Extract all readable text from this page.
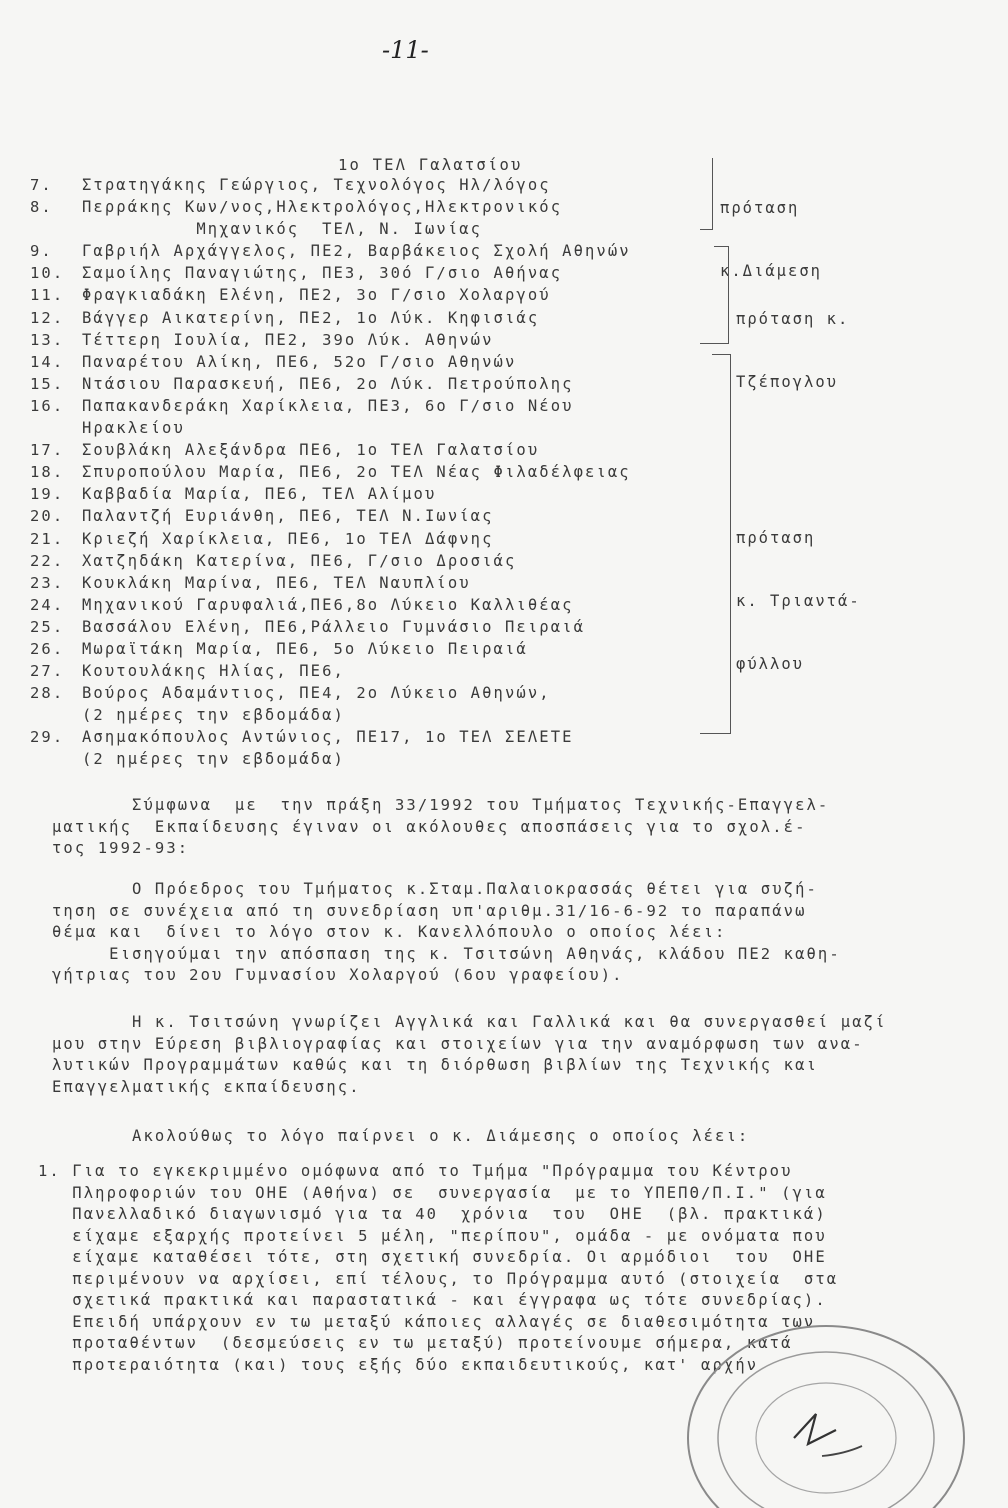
-11-
1ο ΤΕΛ Γαλατσίου
7. Στρατηγάκης Γεώργιος, Τεχνολόγος Ηλ/λόγος
8. Περράκης Κων/νος,Ηλεκτρολόγος,Ηλεκτρονικός
Μηχανικός  ΤΕΛ, Ν. Ιωνίας
9. Γαβριήλ Αρχάγγελος, ΠΕ2, Βαρβάκειος Σχολή Αθηνών
10. Σαμοίλης Παναγιώτης, ΠΕ3, 30ό Γ/σιο Αθήνας
11. Φραγκιαδάκη Ελένη, ΠΕ2, 3ο Γ/σιο Χολαργού
12. Βάγγερ Αικατερίνη, ΠΕ2, 1ο Λύκ. Κηφισιάς
13. Τέττερη Ιουλία, ΠΕ2, 39ο Λύκ. Αθηνών
14. Παναρέτου Αλίκη, ΠΕ6, 52ο Γ/σιο Αθηνών
15. Ντάσιου Παρασκευή, ΠΕ6, 2ο Λύκ. Πετρούπολης
16. Παπακανδεράκη Χαρίκλεια, ΠΕ3, 6ο Γ/σιο Νέου
Ηρακλείου
17. Σουβλάκη Αλεξάνδρα ΠΕ6, 1ο ΤΕΛ Γαλατσίου
18. Σπυροπούλου Μαρία, ΠΕ6, 2ο ΤΕΛ Νέας Φιλαδέλφειας
19. Καββαδία Μαρία, ΠΕ6, ΤΕΛ Αλίμου
20. Παλαντζή Ευριάνθη, ΠΕ6, ΤΕΛ Ν.Ιωνίας
21. Κριεζή Χαρίκλεια, ΠΕ6, 1ο ΤΕΛ Δάφνης
22. Χατζηδάκη Κατερίνα, ΠΕ6, Γ/σιο Δροσιάς
23. Κουκλάκη Μαρίνα, ΠΕ6, ΤΕΛ Ναυπλίου
24. Μηχανικού Γαρυφαλιά,ΠΕ6,8ο Λύκειο Καλλιθέας
25. Βασσάλου Ελένη, ΠΕ6,Ράλλειο Γυμνάσιο Πειραιά
26. Μωραϊτάκη Μαρία, ΠΕ6, 5ο Λύκειο Πειραιά
27. Κουτουλάκης Ηλίας, ΠΕ6,
28. Βούρος Αδαμάντιος, ΠΕ4, 2ο Λύκειο Αθηνών,
(2 ημέρες την εβδομάδα)
29. Ασημακόπουλος Αντώνιος, ΠΕ17, 1ο ΤΕΛ ΣΕΛΕΤΕ
(2 ημέρες την εβδομάδα)

πρόταση

κ.Διάμεση

πρόταση κ.

Τζέπογλου

πρόταση

κ. Τριαντά-

φύλλου

Σύμφωνα  με  την πράξη 33/1992 του Τμήματος Τεχνικής-Επαγγελ-
ματικής  Εκπαίδευσης έγιναν οι ακόλουθες αποσπάσεις για το σχολ.έ-
τος 1992-93:
Ο Πρόεδρος του Τμήματος κ.Σταμ.Παλαιοκρασσάς θέτει για συζή-
τηση σε συνέχεια από τη συνεδρίαση υπ'αριθμ.31/16-6-92 το παραπάνω
θέμα και  δίνει το λόγο στον κ. Κανελλόπουλο ο οποίος λέει:
Εισηγούμαι την απόσπαση της κ. Τσιτσώνη Αθηνάς, κλάδου ΠΕ2 καθη-
γήτριας του 2ου Γυμνασίου Χολαργού (6ου γραφείου).
Η κ. Τσιτσώνη γνωρίζει Αγγλικά και Γαλλικά και θα συνεργασθεί μαζί
μου στην Εύρεση βιβλιογραφίας και στοιχείων για την αναμόρφωση των ανα-
λυτικών Προγραμμάτων καθώς και τη διόρθωση βιβλίων της Τεχνικής και
Επαγγελματικής εκπαίδευσης.
Ακολούθως το λόγο παίρνει ο κ. Διάμεσης ο οποίος λέει:
1. Για το εγκεκριμμένο ομόφωνα από το Τμήμα "Πρόγραμμα του Κέντρου
Πληροφοριών του ΟΗΕ (Αθήνα) σε  συνεργασία  με το ΥΠΕΠΘ/Π.Ι." (για
Πανελλαδικό διαγωνισμό για τα 40  χρόνια  του  ΟΗΕ  (βλ. πρακτικά)
είχαμε εξαρχής προτείνει 5 μέλη, "περίπου", ομάδα - με ονόματα που
είχαμε καταθέσει τότε, στη σχετική συνεδρία. Οι αρμόδιοι  του  ΟΗΕ
περιμένουν να αρχίσει, επί τέλους, το Πρόγραμμα αυτό (στοιχεία  στα
σχετικά πρακτικά και παραστατικά - και έγγραφα ως τότε συνεδρίας).
Επειδή υπάρχουν εν τω μεταξύ κάποιες αλλαγές σε διαθεσιμότητα των
προταθέντων  (δεσμεύσεις εν τω μεταξύ) προτείνουμε σήμερα, κατά
προτεραιότητα (και) τους εξής δύο εκπαιδευτικούς, κατ' αρχήν
